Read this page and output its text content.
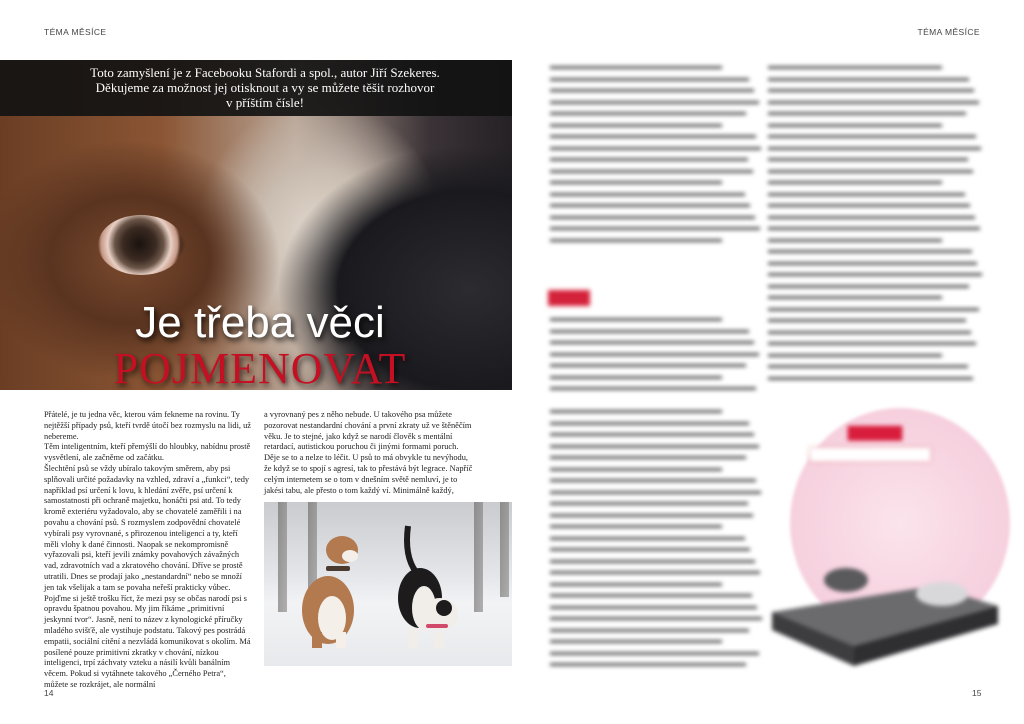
TÉMA MĚSÍCE
Toto zamyšlení je z Facebooku Stafordi a spol., autor Jiří Szekeres.
Děkujeme za možnost jej otisknout a vy se můžete těšit rozhovor
v příštím čísle!
Je třeba věci
POJMENOVAT

Přátelé, je tu jedna věc, kterou vám fekneme na rovinu. Ty nejtěžší případy psů, kteří tvrdě útočí bez rozmyslu na lidi, už nebereme.

Těm inteligentním, kteří přemýšlí do hloubky, nabídnu prostě vysvětlení, ale začněme od začátku.

Šlechtění psů se vždy ubíralo takovým směrem, aby psi splňovali určité požadavky na vzhled, zdraví a „funkci“, tedy například psí určení k lovu, k hledání zvěře, psí určení k samostatnosti při ochraně majetku, honáčti psi atd. To tedy kromě exteriéru vyžadovalo, aby se chovatelé zaměřili i na povahu a chování psů. S rozmyslem zodpovědní chovatelé vybírali psy vyrovnané, s přirozenou inteligencí a ty, kteří měli vlohy k dané činnosti. Naopak se nekompromisně vyřazovali psi, kteří jevili známky povahových závažných vad, zdravotních vad a zkratového chování. Dříve se prostě utratili. Dnes se prodají jako „nestandardní“ nebo se množí jen tak všelijak a tam se povaha neřeší prakticky vůbec. Pojďme si ještě trošku říct, že mezi psy se občas narodí psi s opravdu špatnou povahou. My jim říkáme „primitivní jeskynní tvor“. Jasně, není to název z kynologické příručky mladého svišťě, ale vystihuje podstatu. Takový pes postrádá empatii, sociální cítění a nezvládá komunikovat s okolím. Má posílené pouze primitivní zkratky v chování, nízkou inteligenci, trpí záchvaty vzteku a násilí kvůli banálním věcem. Pokud si vytáhnete takového „Černého Petra“, můžete se rozkrájet, ale normální

a vyrovnaný pes z něho nebude. U takového psa můžete pozorovat nestandardní chování a první zkraty už ve štěněčím věku. Je to stejné, jako když se narodí člověk s mentální retardací, autistickou poruchou či jinými formami poruch. Děje se to a nelze to léčit. U psů to má obvykle tu nevýhodu, že když se to spojí s agresí, tak to přestává být legrace. Napříč celým internetem se o tom v dnešním světě nemluví, je to jakési tabu, ale přesto o tom každý ví. Minimálně každý,

14
TÉMA MĚSÍCE
15
▇▇▇▇▇
▇▇▇▇▇▇▇▇▇▇▇▇
